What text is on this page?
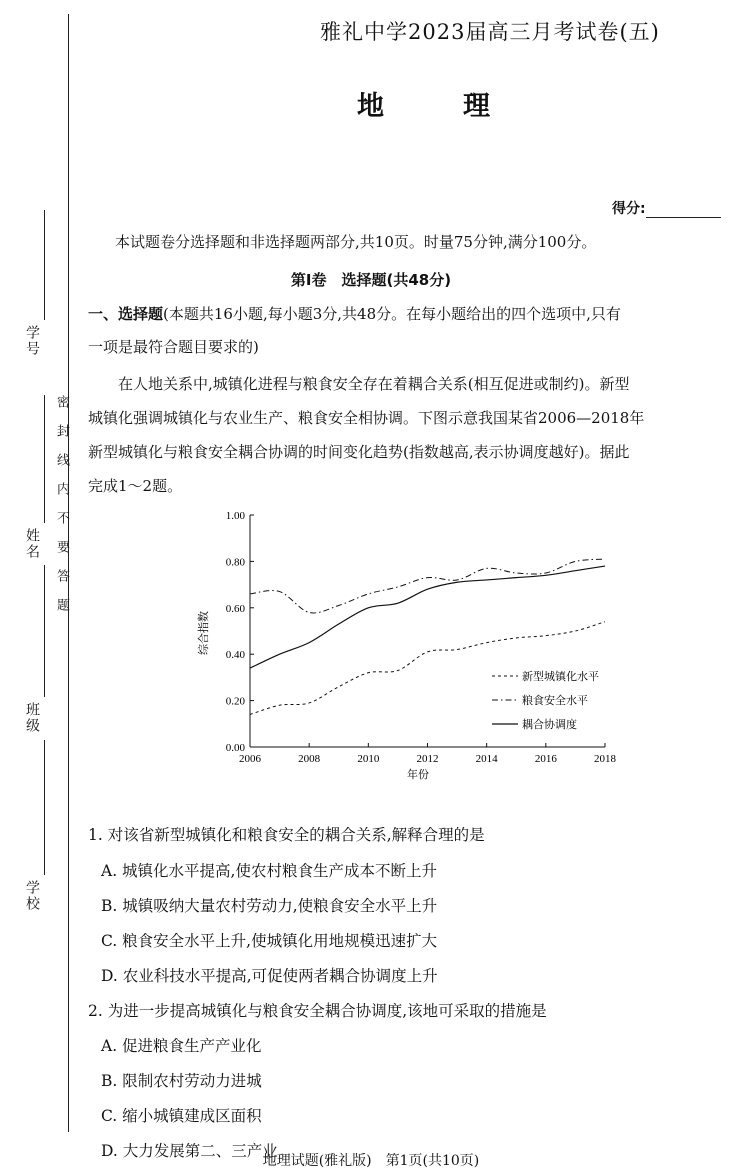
学号
姓名
班级
学校
密封线内不要答题
雅礼中学2023届高三月考试卷(五)
地　理
得分:
本试题卷分选择题和非选择题两部分,共10页。时量75分钟,满分100分。
第Ⅰ卷　选择题(共48分)
一、选择题(本题共16小题,每小题3分,共48分。在每小题给出的四个选项中,只有
一项是最符合题目要求的)
在人地关系中,城镇化进程与粮食安全存在着耦合关系(相互促进或制约)。新型
城镇化强调城镇化与农业生产、粮食安全相协调。下图示意我国某省2006—2018年
新型城镇化与粮食安全耦合协调的时间变化趋势(指数越高,表示协调度越好)。据此
完成1～2题。
0.00
0.20
0.40
0.60
0.80
1.00
2006	2008	2010	2012	2014	2016	2018
新型城镇化水平
粮食安全水平
耦合协调度
年份
综合指数
1. 对该省新型城镇化和粮食安全的耦合关系,解释合理的是
A. 城镇化水平提高,使农村粮食生产成本不断上升
B. 城镇吸纳大量农村劳动力,使粮食安全水平上升
C. 粮食安全水平上升,使城镇化用地规模迅速扩大
D. 农业科技水平提高,可促使两者耦合协调度上升
2. 为进一步提高城镇化与粮食安全耦合协调度,该地可采取的措施是
A. 促进粮食生产产业化
B. 限制农村劳动力进城
C. 缩小城镇建成区面积
D. 大力发展第二、三产业
地理试题(雅礼版)　第1页(共10页)
